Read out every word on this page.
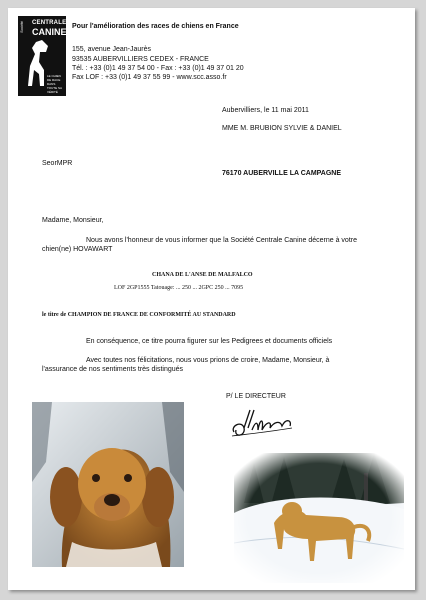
Société CENTRALE
CANINE
LE CHIEN DE RACE DANS TOUTE SA VÉRITÉ
Pour l'amélioration des races de chiens en France
155, avenue Jean-Jaurès
93535 AUBERVILLIERS CEDEX - FRANCE
Tél. : +33 (0)1 49 37 54 00 - Fax : +33 (0)1 49 37 01 20
Fax LOF : +33 (0)1 49 37 55 99 - www.scc.asso.fr
Aubervilliers, le 11 mai 2011
MME M. BRUBION SYLVIE & DANIEL
SeorMPR
76170 AUBERVILLE LA CAMPAGNE
Madame, Monsieur,
Nous avons l'honneur de vous informer que la Société Centrale Canine décerne à votre
chien(ne) HOVAWART
CHANA DE L'ANSE DE MALFALCO
LOF 2GP1555 Tatouage: ... 250 ... 2GPC 250 ... 7095
le titre de CHAMPION DE FRANCE DE CONFORMITÉ AU STANDARD
En conséquence, ce titre pourra figurer sur les Pedigrees et documents officiels
Avec toutes nos félicitations, nous vous prions de croire, Madame, Monsieur, à
l'assurance de nos sentiments très distingués
P/ LE DIRECTEUR
